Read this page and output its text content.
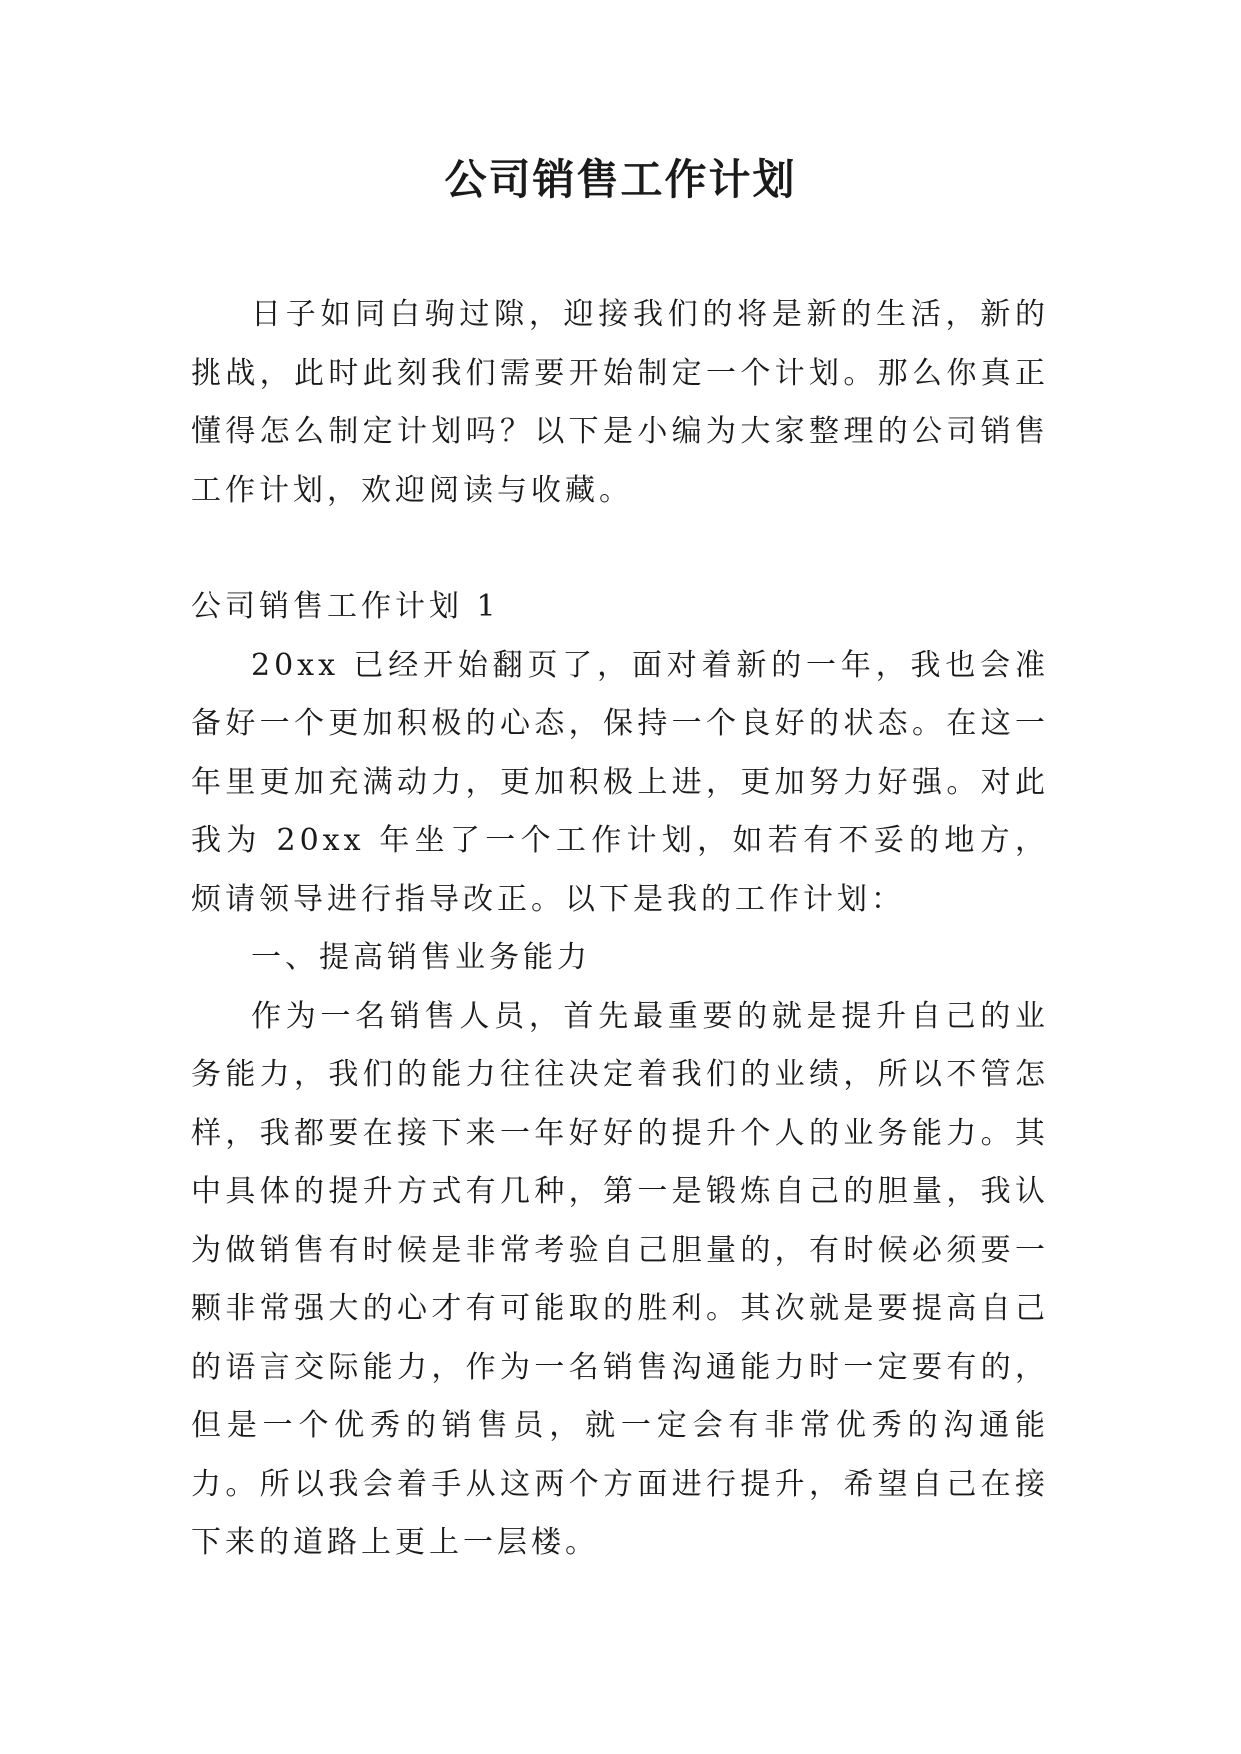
公司销售工作计划

日子如同白驹过隙，迎接我们的将是新的生活，新的挑战，此时此刻我们需要开始制定一个计划。那么你真正懂得怎么制定计划吗？以下是小编为大家整理的公司销售工作计划，欢迎阅读与收藏。

公司销售工作计划 1

20xx 已经开始翻页了，面对着新的一年，我也会准备好一个更加积极的心态，保持一个良好的状态。在这一年里更加充满动力，更加积极上进，更加努力好强。对此我为 20xx 年坐了一个工作计划，如若有不妥的地方，烦请领导进行指导改正。以下是我的工作计划：

一、提高销售业务能力

作为一名销售人员，首先最重要的就是提升自己的业务能力，我们的能力往往决定着我们的业绩，所以不管怎样，我都要在接下来一年好好的提升个人的业务能力。其中具体的提升方式有几种，第一是锻炼自己的胆量，我认为做销售有时候是非常考验自己胆量的，有时候必须要一颗非常强大的心才有可能取的胜利。其次就是要提高自己的语言交际能力，作为一名销售沟通能力时一定要有的，但是一个优秀的销售员，就一定会有非常优秀的沟通能力。所以我会着手从这两个方面进行提升，希望自己在接下来的道路上更上一层楼。
